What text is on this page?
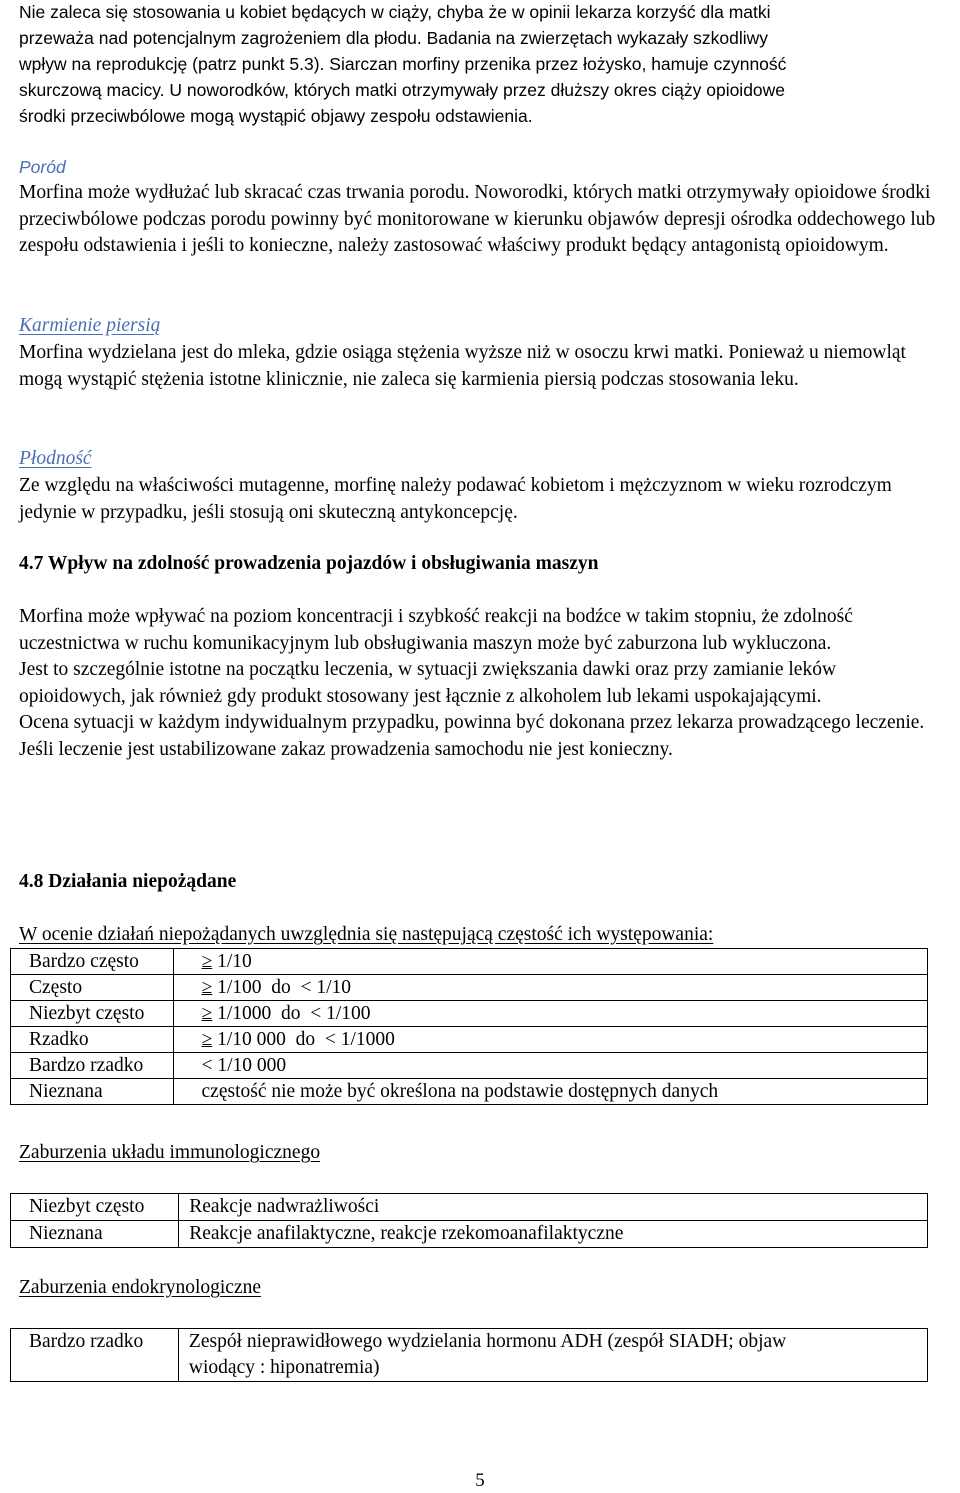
Nie zaleca się stosowania u kobiet będących w ciąży, chyba że w opinii lekarza korzyść dla matki

przeważa nad potencjalnym zagrożeniem dla płodu. Badania na zwierzętach wykazały szkodliwy

wpływ na reprodukcję (patrz punkt 5.3). Siarczan morfiny przenika przez łożysko, hamuje czynność

skurczową macicy. U noworodków, których matki otrzymywały przez dłuższy okres ciąży opioidowe

środki przeciwbólowe mogą wystąpić objawy zespołu odstawienia.

Poród

Morfina może wydłużać lub skracać czas trwania porodu. Noworodki, których matki otrzymywały opioidowe środki przeciwbólowe podczas porodu powinny być monitorowane w kierunku objawów depresji ośrodka oddechowego lub zespołu odstawienia i jeśli to konieczne, należy zastosować właściwy produkt będący antagonistą opioidowym.

Karmienie piersią

Morfina wydzielana jest do mleka, gdzie osiąga stężenia wyższe niż w osoczu krwi matki. Ponieważ u niemowląt mogą wystąpić stężenia istotne klinicznie, nie zaleca się karmienia piersią podczas stosowania leku.

Płodność

Ze względu na właściwości mutagenne, morfinę należy podawać kobietom i mężczyznom w wieku rozrodczym jedynie w przypadku, jeśli stosują oni skuteczną antykoncepcję.

4.7 Wpływ na zdolność prowadzenia pojazdów i obsługiwania maszyn

Morfina może wpływać na poziom koncentracji i szybkość reakcji na bodźce w takim stopniu, że zdolność uczestnictwa w ruchu komunikacyjnym lub obsługiwania maszyn może być zaburzona lub wykluczona.

Jest to szczególnie istotne na początku leczenia, w sytuacji zwiększania dawki oraz przy zamianie leków opioidowych, jak również gdy produkt stosowany jest łącznie z alkoholem lub lekami uspokajającymi.

Ocena sytuacji w każdym indywidualnym przypadku, powinna być dokonana przez lekarza prowadzącego leczenie. Jeśli leczenie jest ustabilizowane zakaz prowadzenia samochodu nie jest konieczny.

4.8 Działania niepożądane

W ocenie działań niepożądanych uwzględnia się następującą częstość ich występowania:

Bardzo często	≥ 1/10
Często	≥ 1/100 do < 1/10
Niezbyt często	≥ 1/1000 do < 1/100
Rzadko	≥ 1/10 000 do < 1/1000
Bardzo rzadko	< 1/10 000
Nieznana	częstość nie może być określona na podstawie dostępnych danych

Zaburzenia układu immunologicznego

Niezbyt często	Reakcje nadwrażliwości
Nieznana	Reakcje anafilaktyczne, reakcje rzekomoanafilaktyczne

Zaburzenia endokrynologiczne

Bardzo rzadko	Zespół nieprawidłowego wydzielania hormonu ADH (zespół SIADH; objaw
wiodący : hiponatremia)
5
